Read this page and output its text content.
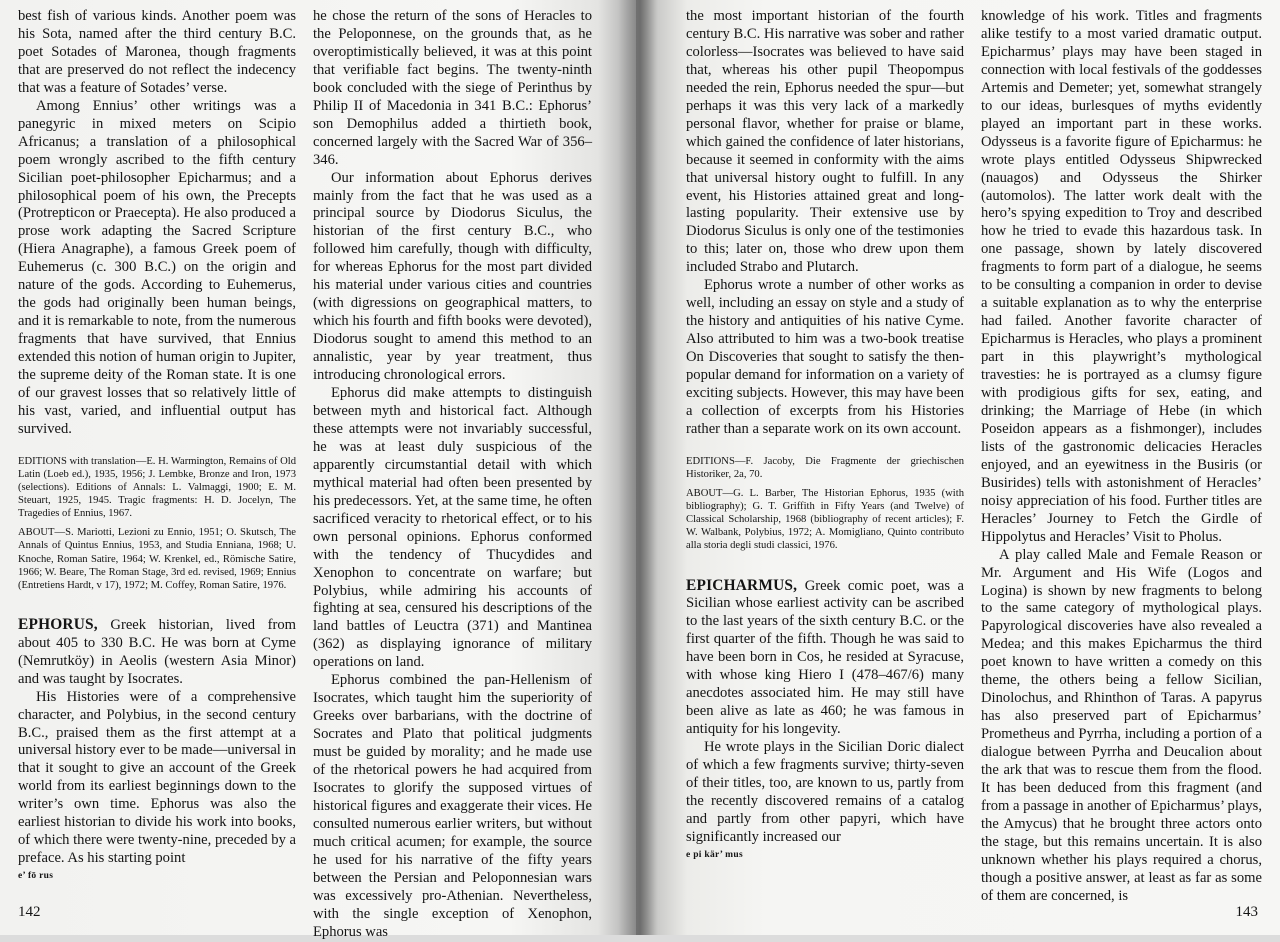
best fish of various kinds. Another poem was his Sota, named after the third century B.C. poet Sotades of Maronea, though fragments that are preserved do not reflect the indecency that was a feature of Sotades’ verse.

Among Ennius’ other writings was a panegyric in mixed meters on Scipio Africanus; a translation of a philosophical poem wrongly ascribed to the fifth century Sicilian poet-philosopher Epicharmus; and a philosophical poem of his own, the Precepts (Protrepticon or Praecepta). He also produced a prose work adapting the Sacred Scripture (Hiera Anagraphe), a famous Greek poem of Euhemerus (c. 300 B.C.) on the origin and nature of the gods. According to Euhemerus, the gods had originally been human beings, and it is remarkable to note, from the numerous fragments that have survived, that Ennius extended this notion of human origin to Jupiter, the supreme deity of the Roman state. It is one of our gravest losses that so relatively little of his vast, varied, and influential output has survived.

EDITIONS with translation—E. H. Warmington, Remains of Old Latin (Loeb ed.), 1935, 1956; J. Lembke, Bronze and Iron, 1973 (selections). Editions of Annals: L. Valmaggi, 1900; E. M. Steuart, 1925, 1945. Tragic fragments: H. D. Jocelyn, The Tragedies of Ennius, 1967.

ABOUT—S. Mariotti, Lezioni zu Ennio, 1951; O. Skutsch, The Annals of Quintus Ennius, 1953, and Studia Enniana, 1968; U. Knoche, Roman Satire, 1964; W. Krenkel, ed., Römische Satire, 1966; W. Beare, The Roman Stage, 3rd ed. revised, 1969; Ennius (Entretiens Hardt, v 17), 1972; M. Coffey, Roman Satire, 1976.

EPHORUS, Greek historian, lived from about 405 to 330 B.C. He was born at Cyme (Nemrutköy) in Aeolis (western Asia Minor) and was taught by Isocrates.

His Histories were of a comprehensive character, and Polybius, in the second century B.C., praised them as the first attempt at a universal history ever to be made—universal in that it sought to give an account of the Greek world from its earliest beginnings down to the writer’s own time. Ephorus was also the earliest historian to divide his work into books, of which there were twenty-nine, preceded by a preface. As his starting point

e’ fō rus

he chose the return of the sons of Heracles to the Peloponnese, on the grounds that, as he overoptimistically believed, it was at this point that verifiable fact begins. The twenty-ninth book concluded with the siege of Perinthus by Philip II of Macedonia in 341 B.C.: Ephorus’ son Demophilus added a thirtieth book, concerned largely with the Sacred War of 356–346.

Our information about Ephorus derives mainly from the fact that he was used as a principal source by Diodorus Siculus, the historian of the first century B.C., who followed him carefully, though with difficulty, for whereas Ephorus for the most part divided his material under various cities and countries (with digressions on geographical matters, to which his fourth and fifth books were devoted), Diodorus sought to amend this method to an annalistic, year by year treatment, thus introducing chronological errors.

Ephorus did make attempts to distinguish between myth and historical fact. Although these attempts were not invariably successful, he was at least duly suspicious of the apparently circumstantial detail with which mythical material had often been presented by his predecessors. Yet, at the same time, he often sacrificed veracity to rhetorical effect, or to his own personal opinions. Ephorus conformed with the tendency of Thucydides and Xenophon to concentrate on warfare; but Polybius, while admiring his accounts of fighting at sea, censured his descriptions of the land battles of Leuctra (371) and Mantinea (362) as displaying ignorance of military operations on land.

Ephorus combined the pan-Hellenism of Isocrates, which taught him the superiority of Greeks over barbarians, with the doctrine of Socrates and Plato that political judgments must be guided by morality; and he made use of the rhetorical powers he had acquired from Isocrates to glorify the supposed virtues of historical figures and exaggerate their vices. He consulted numerous earlier writers, but without much critical acumen; for example, the source he used for his narrative of the fifty years between the Persian and Peloponnesian wars was excessively pro-Athenian. Nevertheless, with the single exception of Xenophon, Ephorus was

142

the most important historian of the fourth century B.C. His narrative was sober and rather colorless—Isocrates was believed to have said that, whereas his other pupil Theopompus needed the rein, Ephorus needed the spur—but perhaps it was this very lack of a markedly personal flavor, whether for praise or blame, which gained the confidence of later historians, because it seemed in conformity with the aims that universal history ought to fulfill. In any event, his Histories attained great and long-lasting popularity. Their extensive use by Diodorus Siculus is only one of the testimonies to this; later on, those who drew upon them included Strabo and Plutarch.

Ephorus wrote a number of other works as well, including an essay on style and a study of the history and antiquities of his native Cyme. Also attributed to him was a two-book treatise On Discoveries that sought to satisfy the then-popular demand for information on a variety of exciting subjects. However, this may have been a collection of excerpts from his Histories rather than a separate work on its own account.

EDITIONS—F. Jacoby, Die Fragmente der griechischen Historiker, 2a, 70.

ABOUT—G. L. Barber, The Historian Ephorus, 1935 (with bibliography); G. T. Griffith in Fifty Years (and Twelve) of Classical Scholarship, 1968 (bibliography of recent articles); F. W. Walbank, Polybius, 1972; A. Momigliano, Quinto contributo alla storia degli studi classici, 1976.

EPICHARMUS, Greek comic poet, was a Sicilian whose earliest activity can be ascribed to the last years of the sixth century B.C. or the first quarter of the fifth. Though he was said to have been born in Cos, he resided at Syracuse, with whose king Hiero I (478–467/6) many anecdotes associated him. He may still have been alive as late as 460; he was famous in antiquity for his longevity.

He wrote plays in the Sicilian Doric dialect of which a few fragments survive; thirty-seven of their titles, too, are known to us, partly from the recently discovered remains of a catalog and partly from other papyri, which have significantly increased our

e pi kär’ mus

knowledge of his work. Titles and fragments alike testify to a most varied dramatic output. Epicharmus’ plays may have been staged in connection with local festivals of the goddesses Artemis and Demeter; yet, somewhat strangely to our ideas, burlesques of myths evidently played an important part in these works. Odysseus is a favorite figure of Epicharmus: he wrote plays entitled Odysseus Shipwrecked (nauagos) and Odysseus the Shirker (automolos). The latter work dealt with the hero’s spying expedition to Troy and described how he tried to evade this hazardous task. In one passage, shown by lately discovered fragments to form part of a dialogue, he seems to be consulting a companion in order to devise a suitable explanation as to why the enterprise had failed. Another favorite character of Epicharmus is Heracles, who plays a prominent part in this playwright’s mythological travesties: he is portrayed as a clumsy figure with prodigious gifts for sex, eating, and drinking; the Marriage of Hebe (in which Poseidon appears as a fishmonger), includes lists of the gastronomic delicacies Heracles enjoyed, and an eyewitness in the Busiris (or Busirides) tells with astonishment of Heracles’ noisy appreciation of his food. Further titles are Heracles’ Journey to Fetch the Girdle of Hippolytus and Heracles’ Visit to Pholus.

A play called Male and Female Reason or Mr. Argument and His Wife (Logos and Logina) is shown by new fragments to belong to the same category of mythological plays. Papyrological discoveries have also revealed a Medea; and this makes Epicharmus the third poet known to have written a comedy on this theme, the others being a fellow Sicilian, Dinolochus, and Rhinthon of Taras. A papyrus has also preserved part of Epicharmus’ Prometheus and Pyrrha, including a portion of a dialogue between Pyrrha and Deucalion about the ark that was to rescue them from the flood. It has been deduced from this fragment (and from a passage in another of Epicharmus’ plays, the Amycus) that he brought three actors onto the stage, but this remains uncertain. It is also unknown whether his plays required a chorus, though a positive answer, at least as far as some of them are concerned, is

143
